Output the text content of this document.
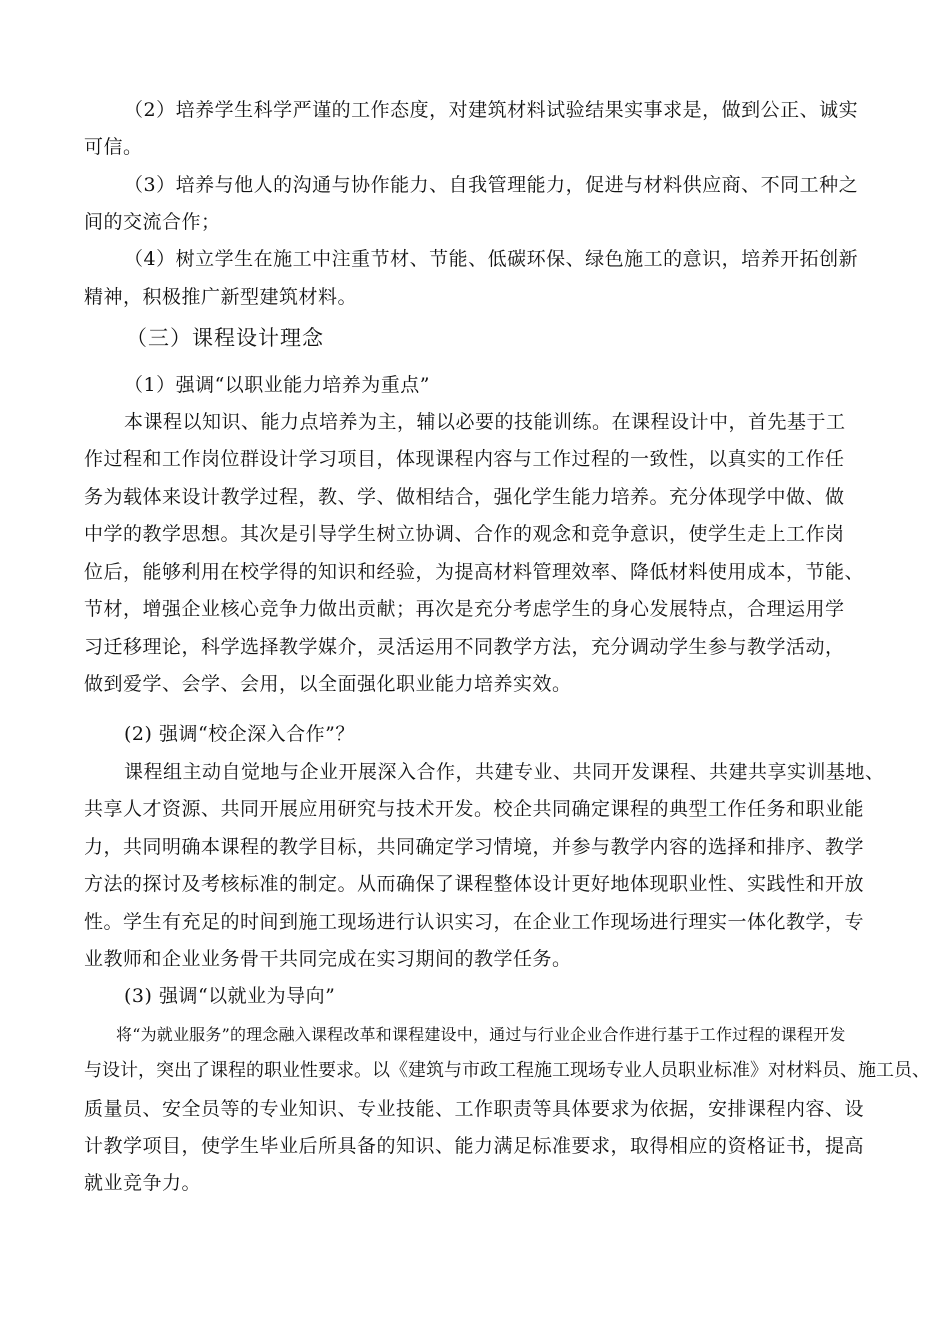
（2）培养学生科学严谨的工作态度，对建筑材料试验结果实事求是，做到公正、诚实
可信。
（3）培养与他人的沟通与协作能力、自我管理能力，促进与材料供应商、不同工种之
间的交流合作；
（4）树立学生在施工中注重节材、节能、低碳环保、绿色施工的意识，培养开拓创新
精神，积极推广新型建筑材料。
（三）课程设计理念
（1）强调“以职业能力培养为重点”
本课程以知识、能力点培养为主，辅以必要的技能训练。在课程设计中，首先基于工
作过程和工作岗位群设计学习项目，体现课程内容与工作过程的一致性，以真实的工作任
务为载体来设计教学过程，教、学、做相结合，强化学生能力培养。充分体现学中做、做
中学的教学思想。其次是引导学生树立协调、合作的观念和竞争意识，使学生走上工作岗
位后，能够利用在校学得的知识和经验，为提高材料管理效率、降低材料使用成本，节能、
节材，增强企业核心竞争力做出贡献；再次是充分考虑学生的身心发展特点，合理运用学
习迁移理论，科学选择教学媒介，灵活运用不同教学方法，充分调动学生参与教学活动，
做到爱学、会学、会用，以全面强化职业能力培养实效。
(2) 强调“校企深入合作”？
课程组主动自觉地与企业开展深入合作，共建专业、共同开发课程、共建共享实训基地、
共享人才资源、共同开展应用研究与技术开发。校企共同确定课程的典型工作任务和职业能
力，共同明确本课程的教学目标，共同确定学习情境，并参与教学内容的选择和排序、教学
方法的探讨及考核标准的制定。从而确保了课程整体设计更好地体现职业性、实践性和开放
性。学生有充足的时间到施工现场进行认识实习，在企业工作现场进行理实一体化教学，专
业教师和企业业务骨干共同完成在实习期间的教学任务。
(3) 强调“以就业为导向”
将“为就业服务”的理念融入课程改革和课程建设中，通过与行业企业合作进行基于工作过程的课程开发
与设计，突出了课程的职业性要求。以《建筑与市政工程施工现场专业人员职业标准》对材料员、施工员、
质量员、安全员等的专业知识、专业技能、工作职责等具体要求为依据，安排课程内容、设
计教学项目，使学生毕业后所具备的知识、能力满足标准要求，取得相应的资格证书，提高
就业竞争力。
